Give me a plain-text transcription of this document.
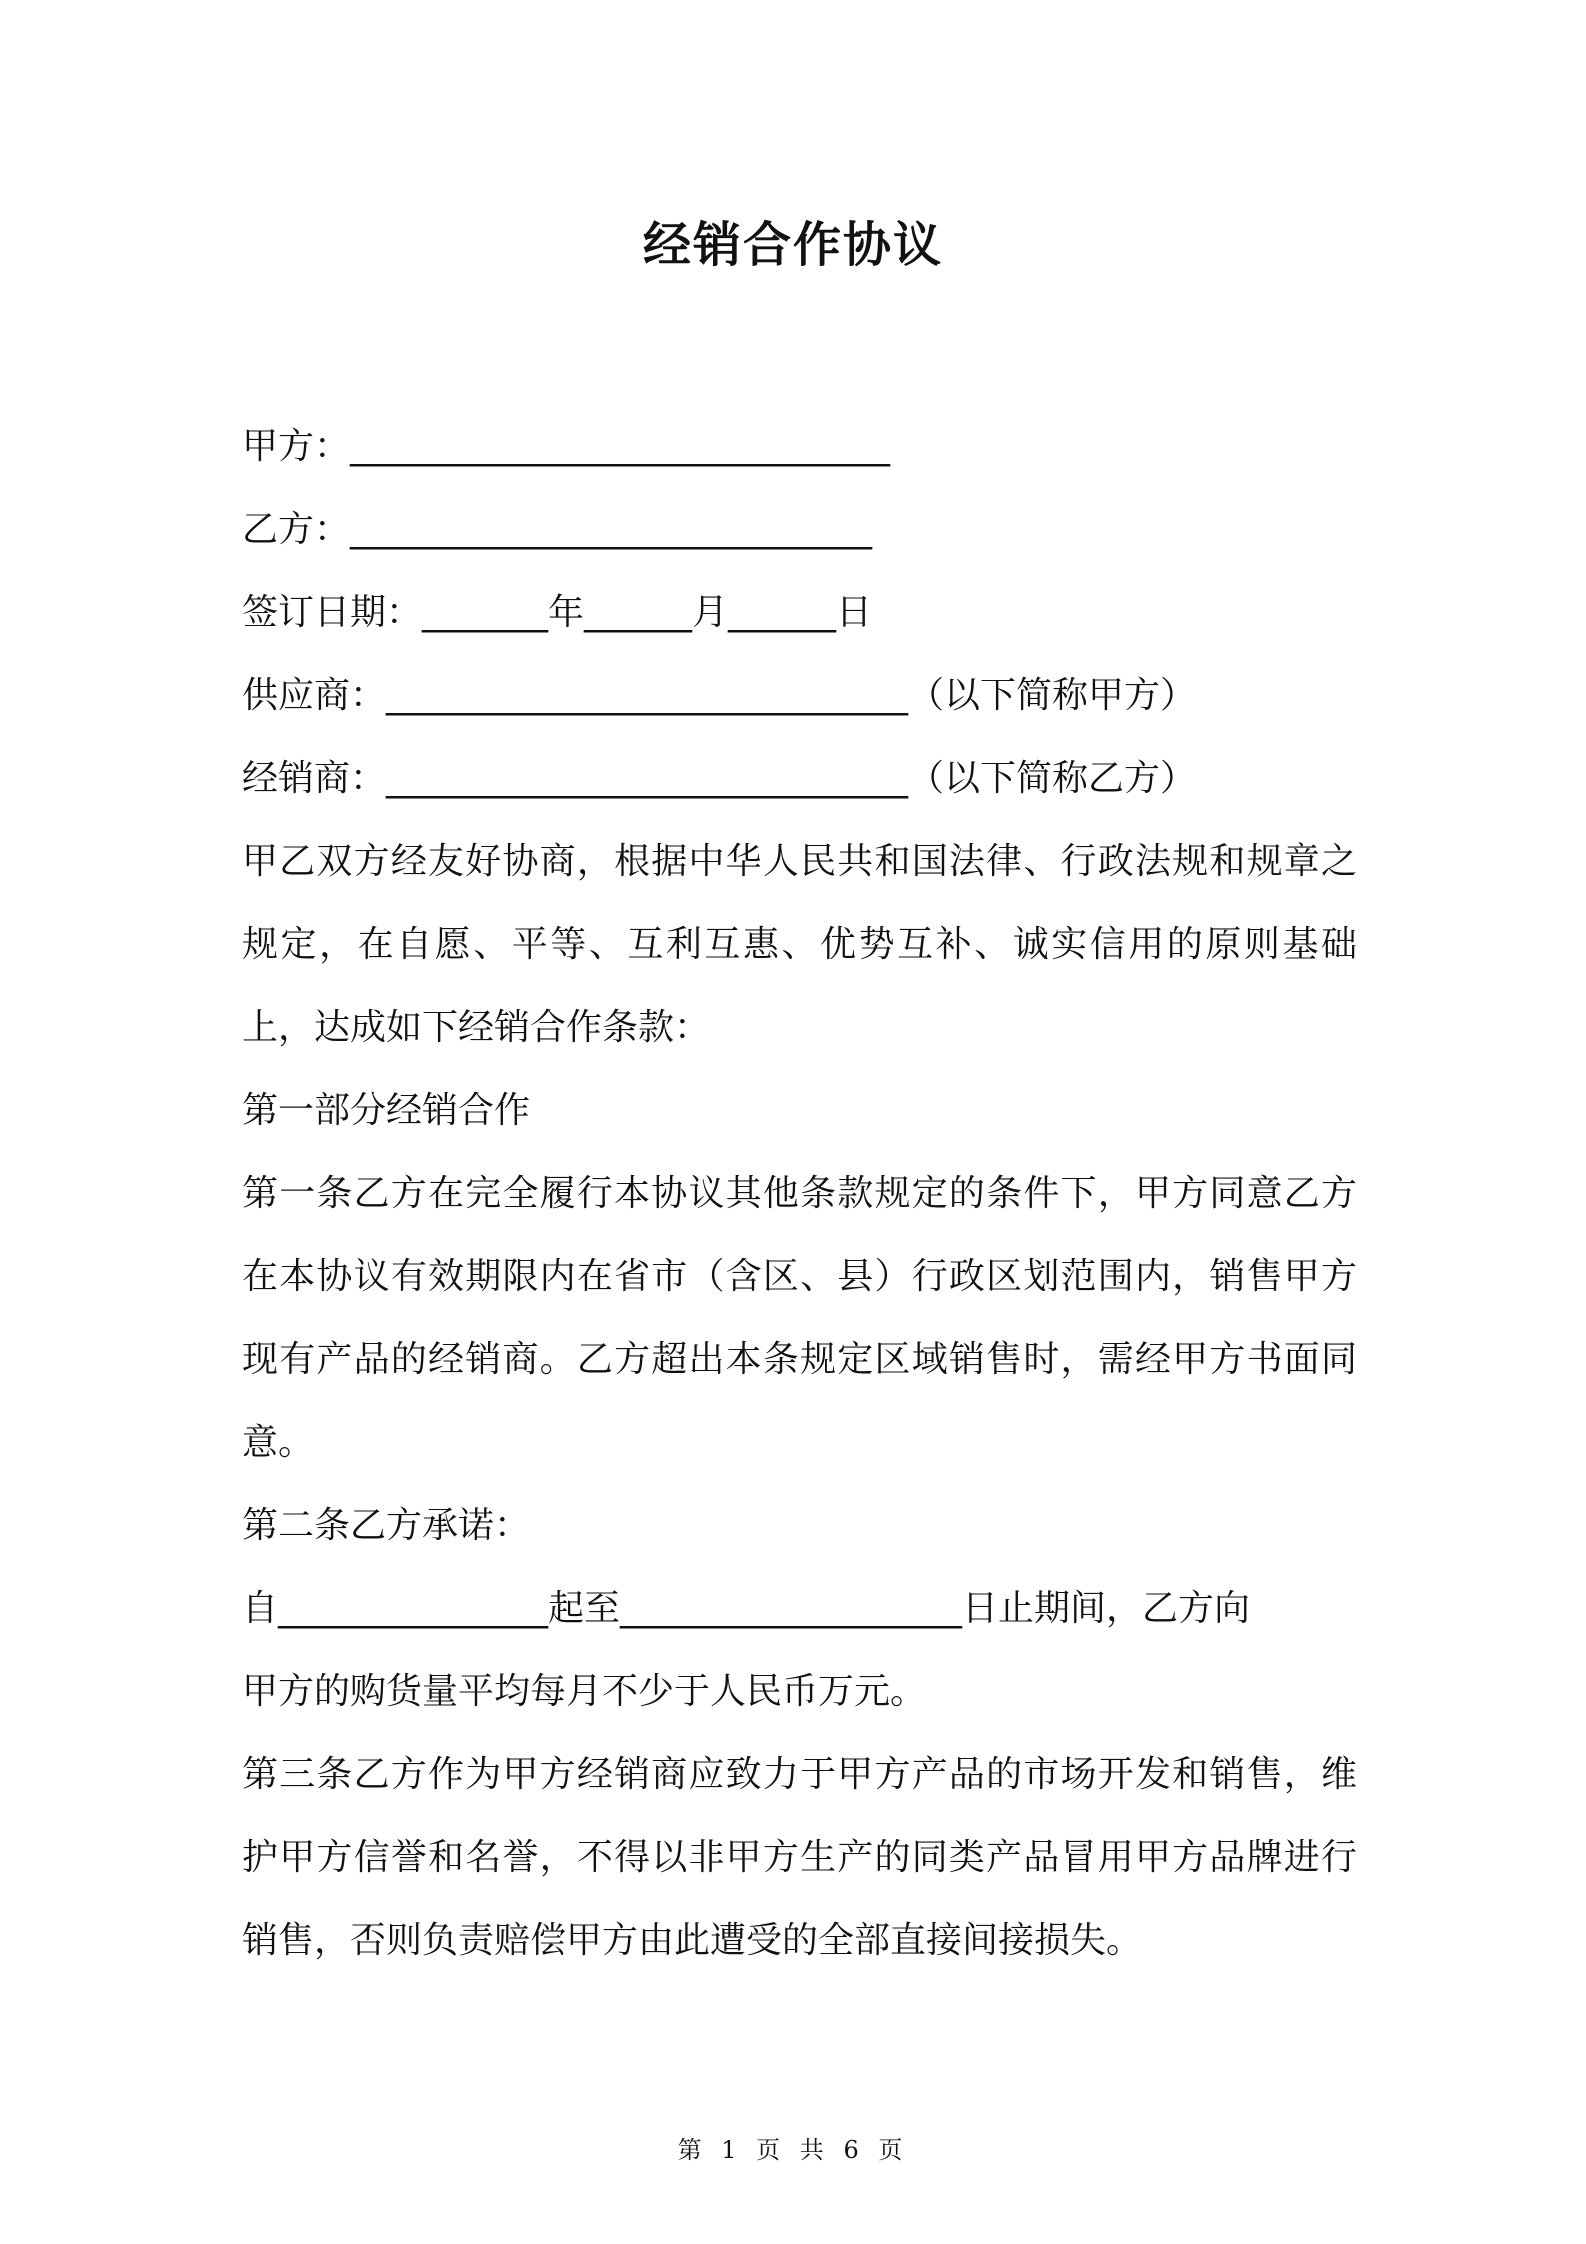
经销合作协议
甲方：______________________________
乙方：_____________________________
签订日期：_______年______月______日
供应商：_____________________________（以下简称甲方）
经销商：_____________________________（以下简称乙方）
甲乙双方经友好协商，根据中华人民共和国法律、行政法规和规章之规定，在自愿、平等、互利互惠、优势互补、诚实信用的原则基础上，达成如下经销合作条款：
第一部分经销合作
第一条乙方在完全履行本协议其他条款规定的条件下，甲方同意乙方在本协议有效期限内在省市（含区、县）行政区划范围内，销售甲方现有产品的经销商。乙方超出本条规定区域销售时，需经甲方书面同意。
第二条乙方承诺：
自_______________起至___________________日止期间，乙方向
甲方的购货量平均每月不少于人民币万元。
第三条乙方作为甲方经销商应致力于甲方产品的市场开发和销售，维护甲方信誉和名誉，不得以非甲方生产的同类产品冒用甲方品牌进行销售，否则负责赔偿甲方由此遭受的全部直接间接损失。
第 1 页 共 6 页
